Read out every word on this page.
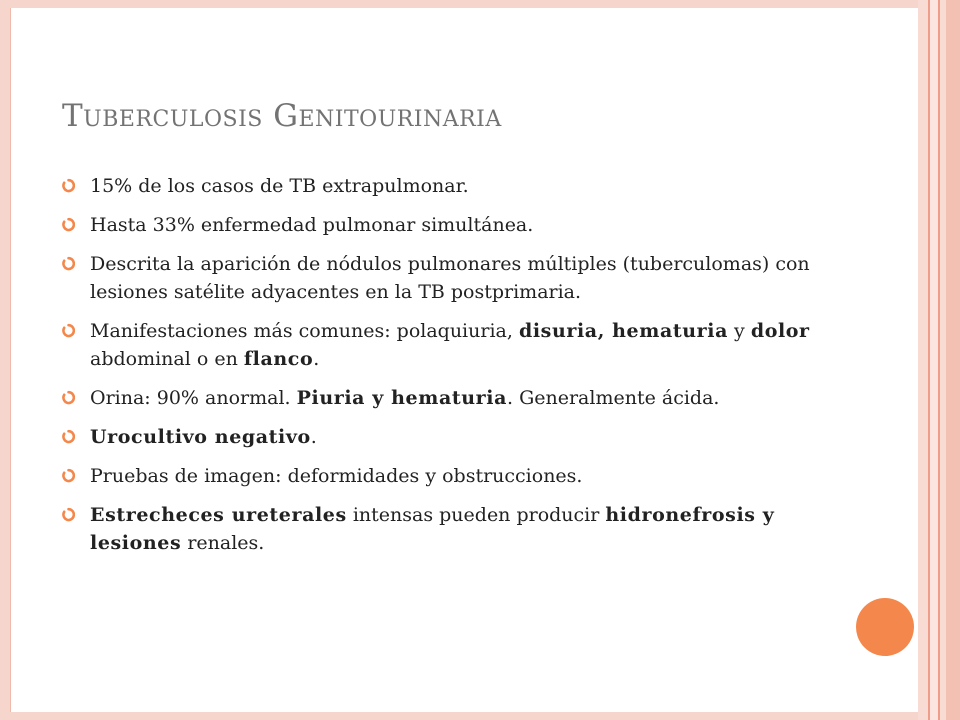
Tuberculosis Genitourinaria
15% de los casos de TB extrapulmonar.
Hasta 33% enfermedad pulmonar simultánea.
Descrita la aparición de nódulos pulmonares múltiples (tuberculomas) con lesiones satélite adyacentes en la TB postprimaria.
Manifestaciones más comunes: polaquiuria, disuria, hematuria y dolor abdominal o en flanco.
Orina: 90% anormal. Piuria y hematuria. Generalmente ácida.
Urocultivo negativo.
Pruebas de imagen: deformidades y obstrucciones.
Estrecheces ureterales intensas pueden producir hidronefrosis y lesiones renales.
